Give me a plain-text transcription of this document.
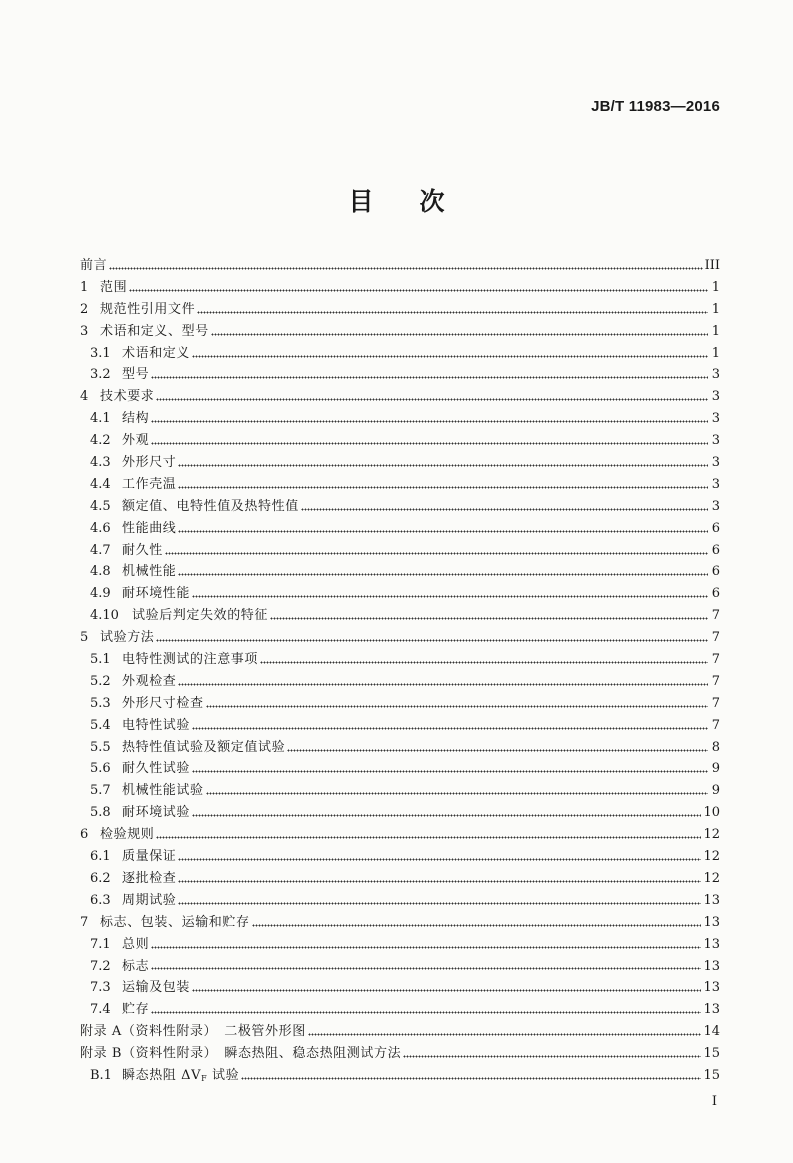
JB/T 11983—2016
目次
前言	III
1 范围	1
2 规范性引用文件	1
3 术语和定义、型号	1
3.1 术语和定义	1
3.2 型号	3
4 技术要求	3
4.1 结构	3
4.2 外观	3
4.3 外形尺寸	3
4.4 工作壳温	3
4.5 额定值、电特性值及热特性值	3
4.6 性能曲线	6
4.7 耐久性	6
4.8 机械性能	6
4.9 耐环境性能	6
4.10	试验后判定失效的特征	7
5 试验方法	7
5.1 电特性测试的注意事项	7
5.2 外观检查	7
5.3 外形尺寸检查	7
5.4 电特性试验	7
5.5 热特性值试验及额定值试验	8
5.6 耐久性试验	9
5.7 机械性能试验	9
5.8 耐环境试验	10
6 检验规则	12
6.1 质量保证	12
6.2 逐批检查	12
6.3 周期试验	13
7 标志、包装、运输和贮存	13
7.1 总则	13
7.2 标志	13
7.3 运输及包装	13
7.4 贮存	13
附录 A（资料性附录）　二极管外形图	14
附录 B（资料性附录）　瞬态热阻、稳态热阻测试方法	15
B.1 瞬态热阻 $\Delta V_F$ 试验	15
I
